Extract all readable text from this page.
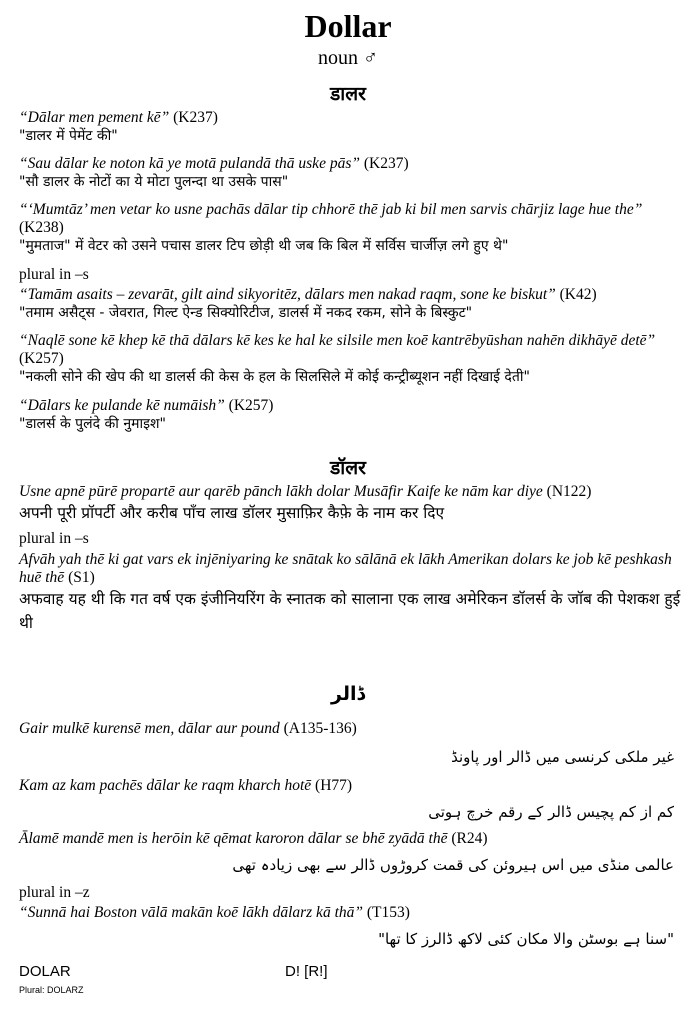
Dollar
noun ♂
डालर
“Dālar men pement kē” (K237)
"डालर में पेमेंट की"
“Sau dālar ke noton kā ye motā pulandā thā uske pās” (K237)
"सौ डालर के नोटों का ये मोटा पुलन्दा था उसके पास"
“‘Mumtāz’ men vetar ko usne pachās dālar tip chhorē thē jab ki bil men sarvis chārjiz lage hue the” (K238)
"मुमताज" में वेटर को उसने पचास डालर टिप छोड़ी थी जब कि बिल में सर्विस चार्जीज़ लगे हुए थे"
plural in –s
“Tamām asaits – zevarāt, gilt aind sikyoritēz, dālars men nakad raqm, sone ke biskut” (K42)
"तमाम असैट्स - जेवरात, गिल्ट ऐन्ड सिक्योरिटीज, डालर्स में नकद रकम, सोने के बिस्कुट"
“Naqlē sone kē khep kē thā dālars kē kes ke hal ke silsile men koē kantrēbyūshan nahēn dikhāyē detē” (K257)
"नकली सोने की खेप की था डालर्स की केस के हल के सिलसिले में कोई कन्ट्रीब्यूशन नहीं दिखाई देती"
“Dālars ke pulande kē numāish” (K257)
"डालर्स के पुलंदे की नुमाइश"
डॉलर
Usne apnē pūrē propartē aur qarēb pānch lākh dolar Musāfir Kaife ke nām kar diye (N122)
अपनी पूरी प्रॉपर्टी और करीब पाँच लाख डॉलर मुसाफ़िर कैफ़े के नाम कर दिए
plural in –s
Afvāh yah thē ki gat vars ek injēniyaring ke snātak ko sālānā ek lākh Amerikan dolars ke job kē peshkash huē thē (S1)
अफवाह यह थी कि गत वर्ष एक इंजीनियरिंग के स्नातक को सालाना एक लाख अमेरिकन डॉलर्स के जॉब की पेशकश हुई थी
ڈالر
Gair mulkē kurensē men, dālar aur pound (A135-136)
غیر ملکی کرنسی میں ڈالر اور پاونڈ
Kam az kam pachēs dālar ke raqm kharch hotē (H77)
کم از کم پچیس ڈالر کے رقم خرچ ہوتی
Ālamē mandē men is herōin kē qēmat karoron dālar se bhē zyādā thē (R24)
عالمی منڈی میں اس ہیروئن کی قمت کروڑوں ڈالر سے بھی زیادہ تھی
plural in –z
“Sunnā hai Boston vālā makān koē lākh dālarz kā thā” (T153)
"سنا ہے بوسٹن والا مکان کئی لاکھ ڈالرز کا تھا"
DOLAR
Plural: DOLARZ
D! [R!]
